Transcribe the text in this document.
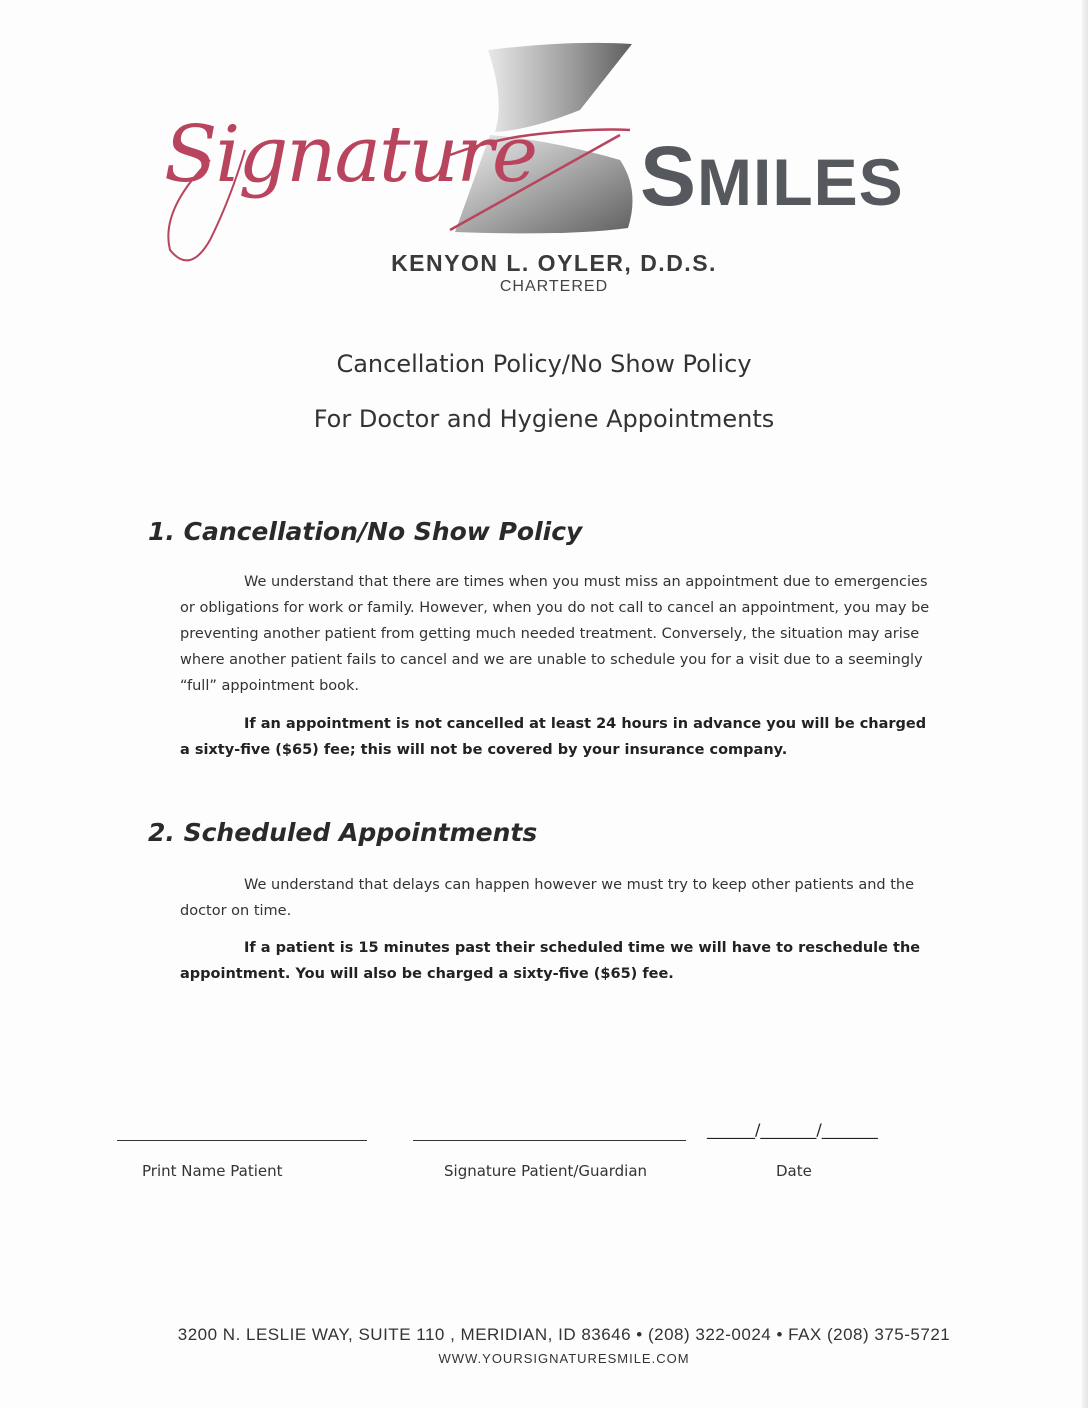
Signature SMILES
KENYON L. OYLER, D.D.S.
CHARTERED
Cancellation Policy/No Show Policy
For Doctor and Hygiene Appointments
1. Cancellation/No Show Policy
We understand that there are times when you must miss an appointment due to emergencies or obligations for work or family. However, when you do not call to cancel an appointment, you may be preventing another patient from getting much needed treatment. Conversely, the situation may arise where another patient fails to cancel and we are unable to schedule you for a visit due to a seemingly “full” appointment book.
If an appointment is not cancelled at least 24 hours in advance you will be charged a sixty-five ($65) fee; this will not be covered by your insurance company.
2. Scheduled Appointments
We understand that delays can happen however we must try to keep other patients and the doctor on time.
If a patient is 15 minutes past their scheduled time we will have to reschedule the appointment. You will also be charged a sixty-five ($65) fee.
______/_______/_______
Print Name Patient	Signature Patient/Guardian	Date
3200 N. LESLIE WAY, SUITE 110 , MERIDIAN, ID 83646 • (208) 322-0024 • FAX (208) 375-5721
WWW.YOURSIGNATURESMILE.COM
